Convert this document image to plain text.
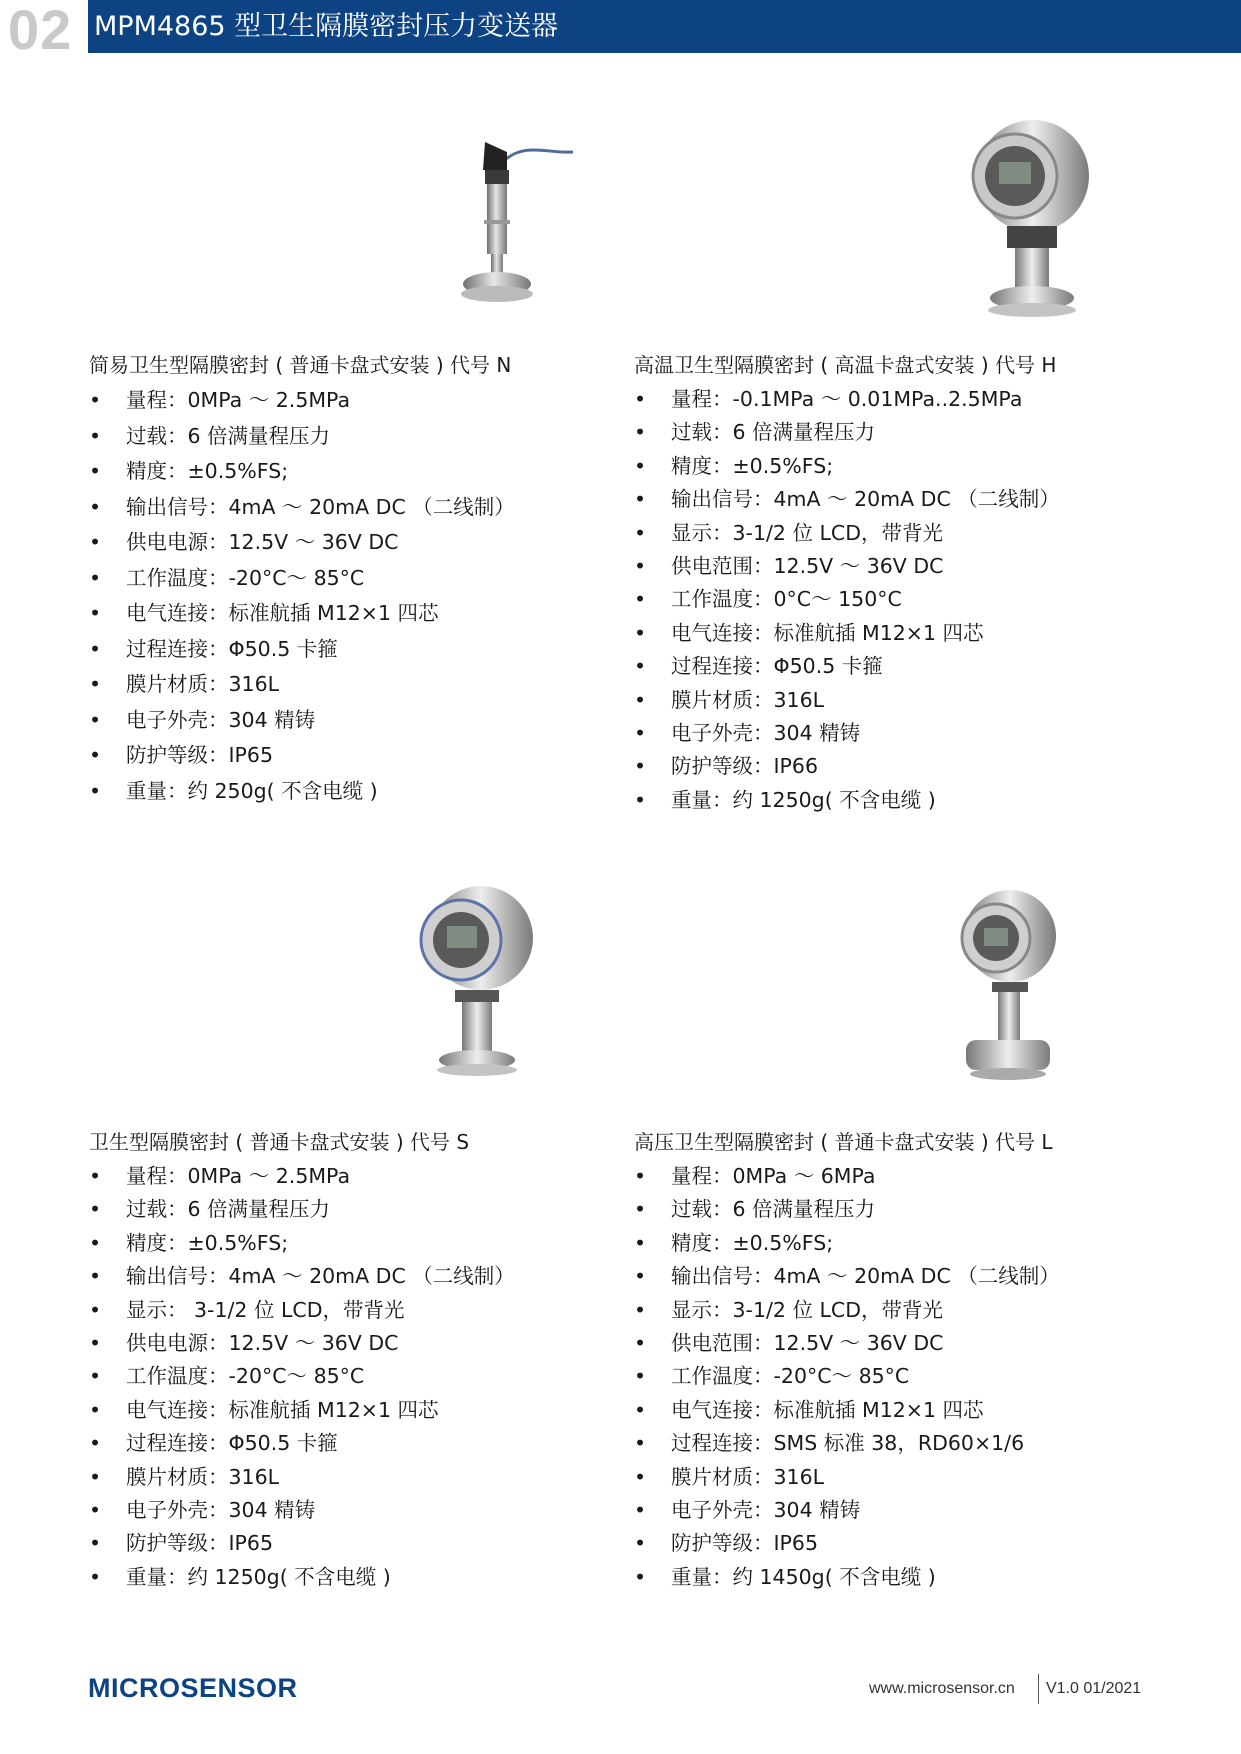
02 MPM4865 型卫生隔膜密封压力变送器
简易卫生型隔膜密封 ( 普通卡盘式安装 ) 代号 N
• 量程：0MPa ～ 2.5MPa
• 过载：6 倍满量程压力
• 精度：±0.5%FS;
• 输出信号：4mA ～ 20mA DC （二线制）
• 供电电源：12.5V ～ 36V DC
• 工作温度：-20°C～ 85°C
• 电气连接：标准航插 M12×1 四芯
• 过程连接：Φ50.5 卡箍
• 膜片材质：316L
• 电子外壳：304 精铸
• 防护等级：IP65
• 重量：约 250g( 不含电缆 )
高温卫生型隔膜密封 ( 高温卡盘式安装 ) 代号 H
• 量程：-0.1MPa ～ 0.01MPa..2.5MPa
• 过载：6 倍满量程压力
• 精度：±0.5%FS;
• 输出信号：4mA ～ 20mA DC （二线制）
• 显示：3-1/2 位 LCD，带背光
• 供电范围：12.5V ～ 36V DC
• 工作温度：0°C～ 150°C
• 电气连接：标准航插 M12×1 四芯
• 过程连接：Φ50.5 卡箍
• 膜片材质：316L
• 电子外壳：304 精铸
• 防护等级：IP66
• 重量：约 1250g( 不含电缆 )
卫生型隔膜密封 ( 普通卡盘式安装 ) 代号 S
• 量程：0MPa ～ 2.5MPa
• 过载：6 倍满量程压力
• 精度：±0.5%FS;
• 输出信号：4mA ～ 20mA DC （二线制）
• 显示： 3-1/2 位 LCD，带背光
• 供电电源：12.5V ～ 36V DC
• 工作温度：-20°C～ 85°C
• 电气连接：标准航插 M12×1 四芯
• 过程连接：Φ50.5 卡箍
• 膜片材质：316L
• 电子外壳：304 精铸
• 防护等级：IP65
• 重量：约 1250g( 不含电缆 )
高压卫生型隔膜密封 ( 普通卡盘式安装 ) 代号 L
• 量程：0MPa ～ 6MPa
• 过载：6 倍满量程压力
• 精度：±0.5%FS;
• 输出信号：4mA ～ 20mA DC （二线制）
• 显示：3-1/2 位 LCD，带背光
• 供电范围：12.5V ～ 36V DC
• 工作温度：-20°C～ 85°C
• 电气连接：标准航插 M12×1 四芯
• 过程连接：SMS 标准 38，RD60×1/6
• 膜片材质：316L
• 电子外壳：304 精铸
• 防护等级：IP65
• 重量：约 1450g( 不含电缆 )
MICROSENSOR	www.microsensor.cn V1.0 01/2021
